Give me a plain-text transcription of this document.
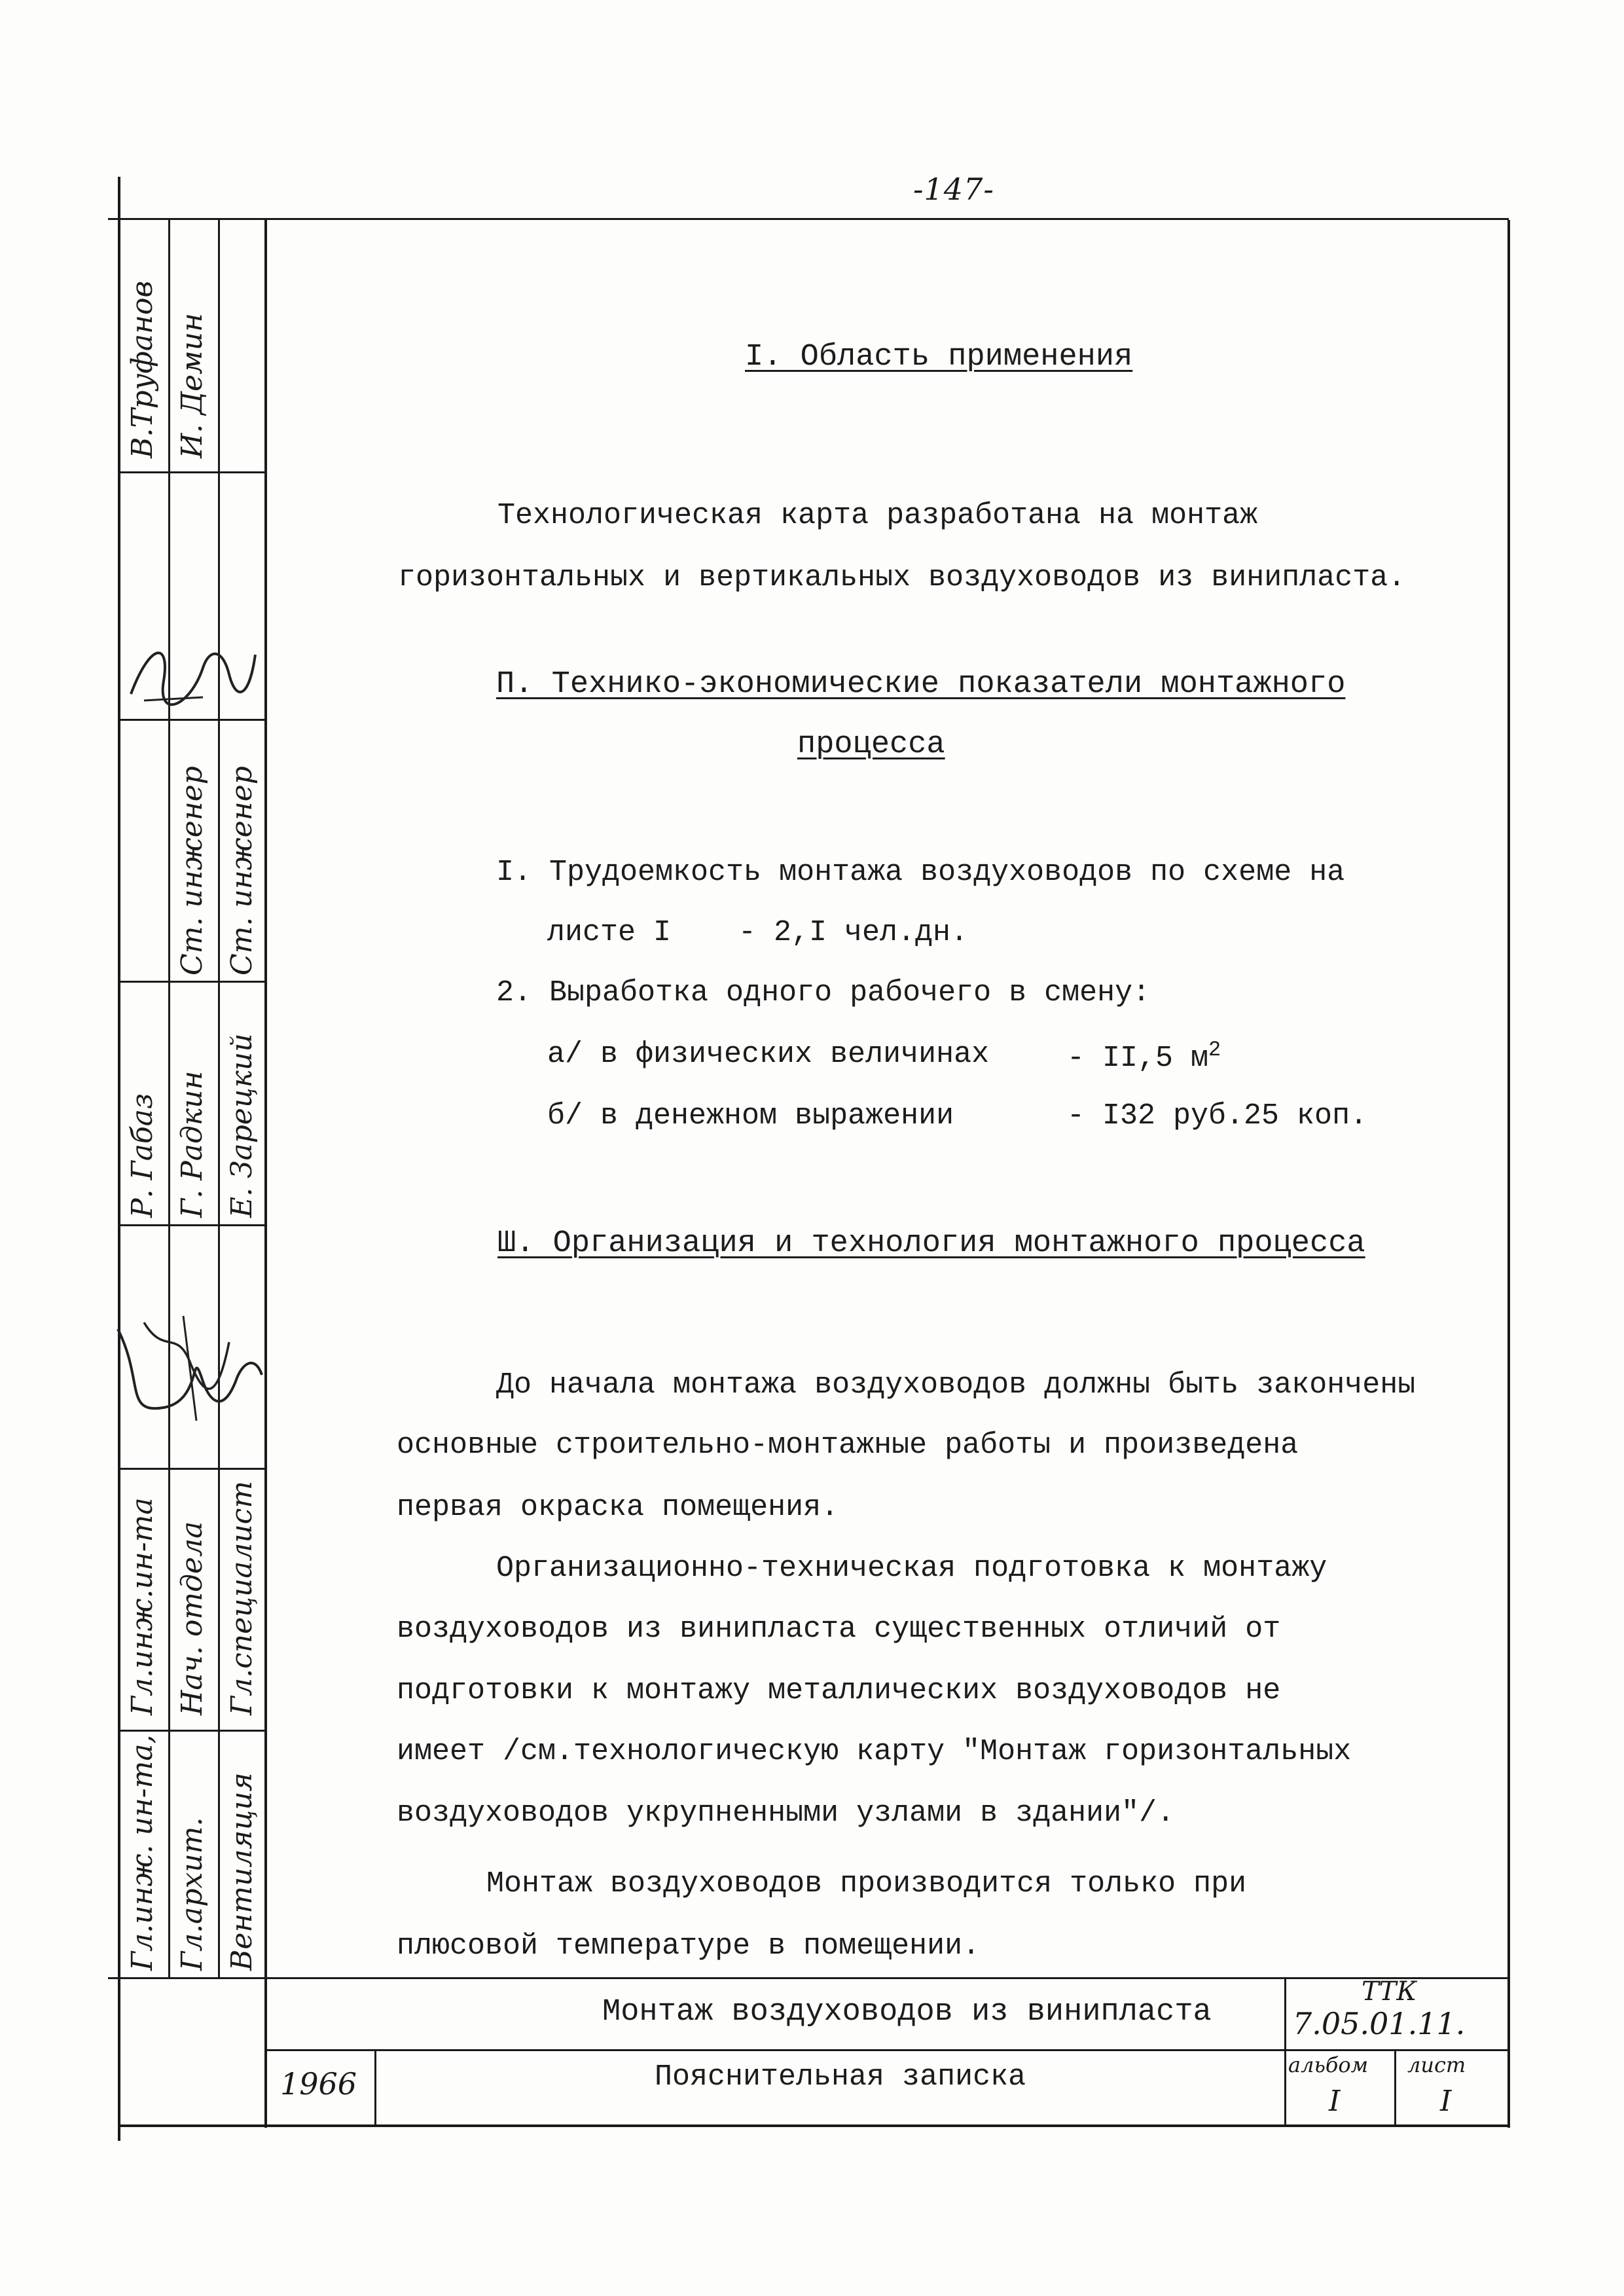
-147-
I. Область применения
Технологическая карта разработана на монтаж
горизонтальных и вертикальных воздуховодов из винипласта.
П. Технико-экономические показатели монтажного
процесса
I. Трудоемкость монтажа воздуховодов по схеме на
листе I - 2,I чел.дн.
2. Выработка одного рабочего в смену:
а/ в физических величинах	- II,5 $м^2$
б/ в денежном выражении	- I32 руб.25 коп.
Ш. Организация и технология монтажного процесса
До начала монтажа воздуховодов должны быть закончены
основные строительно-монтажные работы и произведена
первая окраска помещения.
Организационно-техническая подготовка к монтажу
воздуховодов из винипласта существенных отличий от
подготовки к монтажу металлических воздуховодов не
имеет /см.технологическую карту "Монтаж горизонтальных
воздуховодов укрупненными узлами в здании"/.
Монтаж воздуховодов производится только при
плюсовой температуре в помещении.
В.Труфанов
Р. Габаз
Гл.инж.ин-та
Гл.инж. ин-та,
И. Демин
Ст. инженер
Г. Радкин
Нач. отдела
Гл.архит.
Ст. инженер
Е. Зарецкий
Гл.специалист
Вентиляция
1966
Монтаж воздуховодов из винипласта
Пояснительная записка
ТТК
7.05.01.11.
альбом
I
лист
I
